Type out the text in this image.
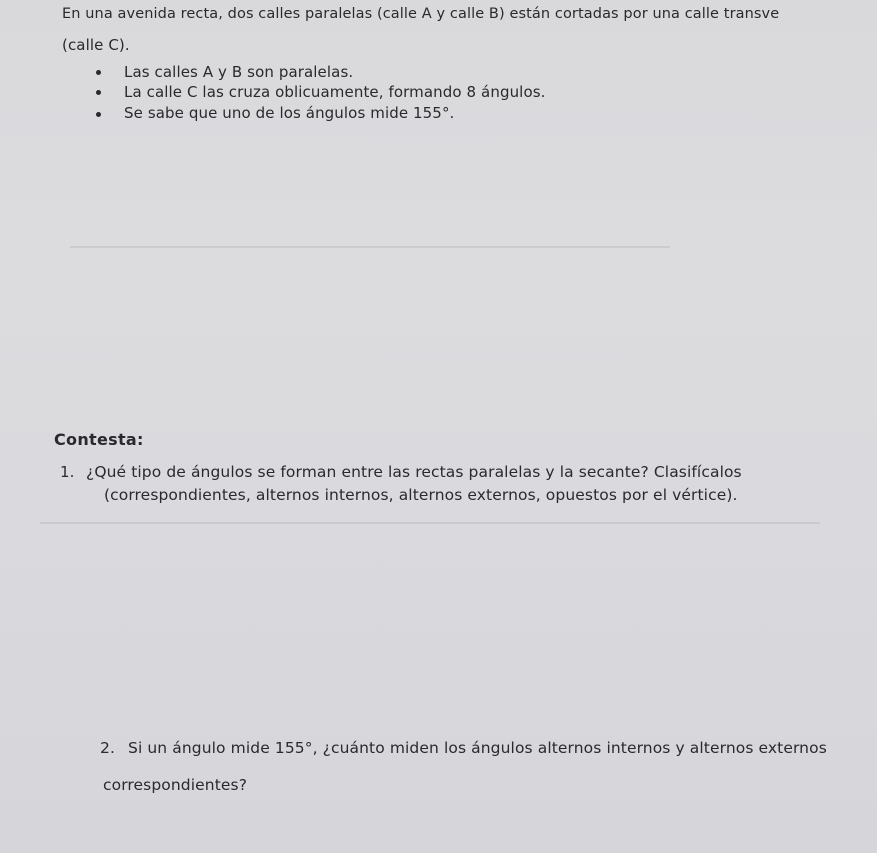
En una avenida recta, dos calles paralelas (calle A y calle B) están cortadas por una calle transve
(calle C).
Las calles A y B son paralelas.
La calle C las cruza oblicuamente, formando 8 ángulos.
Se sabe que uno de los ángulos mide 155°.
Contesta:
1. ¿Qué tipo de ángulos se forman entre las rectas paralelas y la secante? Clasifícalos
(correspondientes, alternos internos, alternos externos, opuestos por el vértice).
2. Si un ángulo mide 155°, ¿cuánto miden los ángulos alternos internos y alternos externos
correspondientes?
